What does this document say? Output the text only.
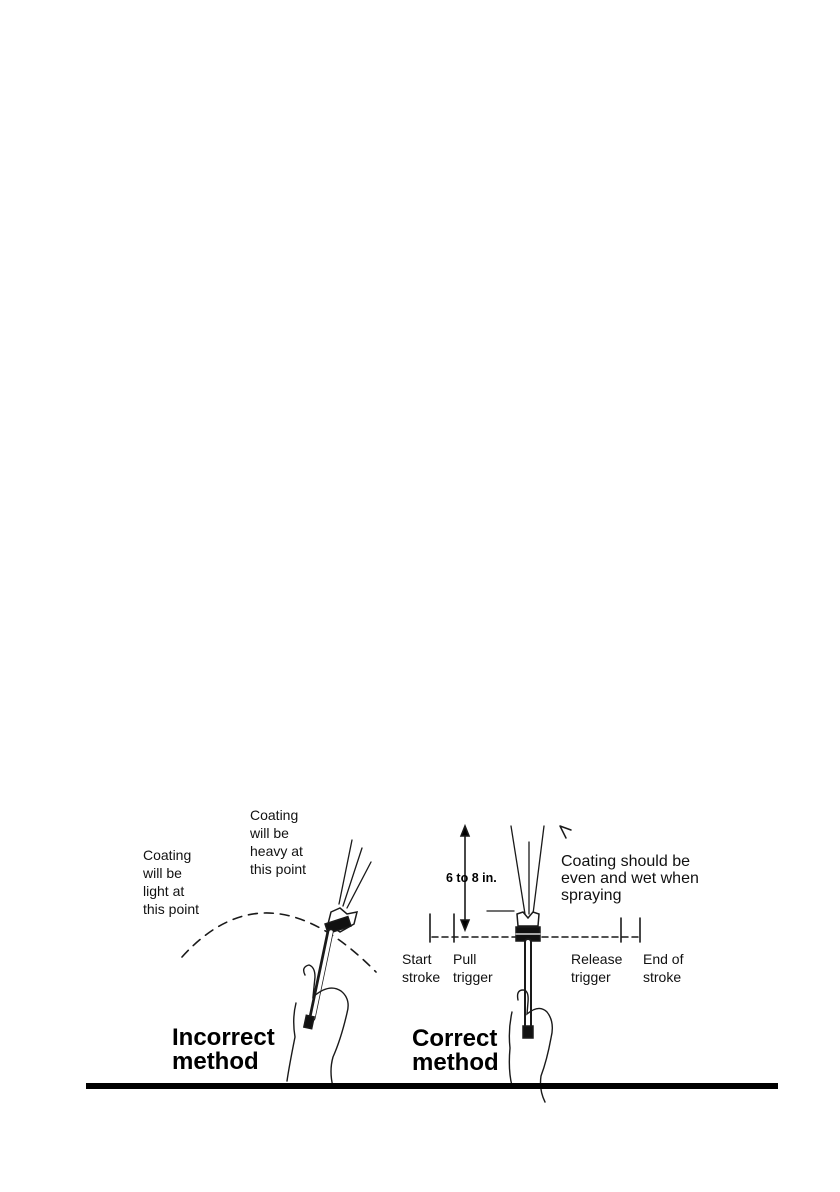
Coating
will be
light at
this point
Coating
will be
heavy at
this point
Incorrect
method
6 to 8 in.
Coating should be
even and wet when
spraying
Start
stroke
Pull
trigger
Release
trigger
End of
stroke
Correct
method
